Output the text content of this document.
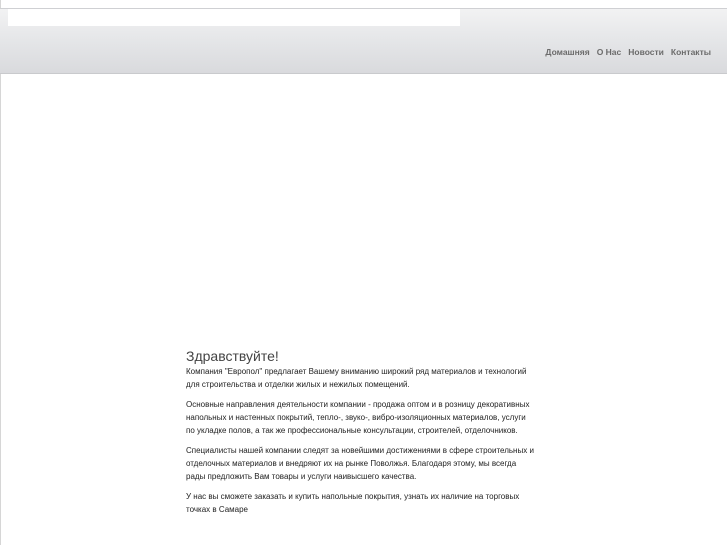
Домашняя О Нас Новости Контакты
Здравствуйте!

Компания "Европол" предлагает Вашему вниманию широкий ряд материалов и технологий для строительства и отделки жилых и нежилых помещений.

Основные направления деятельности компании - продажа оптом и в розницу декоративных напольных и настенных покрытий, тепло-, звуко-, вибро-изоляционных материалов, услуги по укладке полов, а так же профессиональные консультации, строителей, отделочников.

Специалисты нашей компании следят за новейшими достижениями в сфере строительных и отделочных материалов и внедряют их на рынке Поволжья. Благодаря этому, мы всегда рады предложить Вам товары и услуги наивысшего качества.

У нас вы сможете заказать и купить напольные покрытия, узнать их наличие на торговых точках в Самаре
